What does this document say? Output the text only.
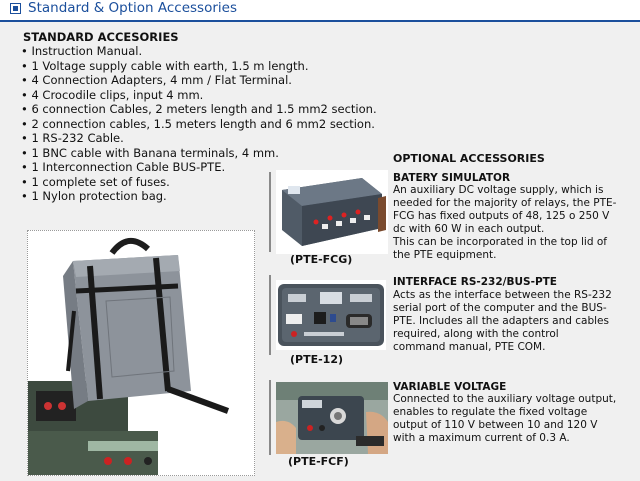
Standard & Option Accessories
STANDARD ACCESORIES
• Instruction Manual.
• 1 Voltage supply cable with earth, 1.5 m length.
• 4 Connection Adapters, 4 mm / Flat Terminal.
• 4 Crocodile clips, input 4 mm.
• 6 connection Cables, 2 meters length and 1.5 mm2 section.
• 2 connection cables, 1.5 meters length and 6 mm2 section.
• 1 RS-232 Cable.
• 1 BNC cable with Banana terminals, 4 mm.
• 1 Interconnection Cable BUS-PTE.
• 1 complete set of fuses.
• 1 Nylon protection bag.
OPTIONAL ACCESSORIES
(PTE-FCG)
BATERY SIMULATOR
An auxiliary DC voltage supply, which is
needed for the majority of relays, the PTE-
FCG has fixed outputs of 48, 125 o 250 V
dc with 60 W in each output.
This can be incorporated in the top lid of
the PTE equipment.
(PTE-12)
INTERFACE RS-232/BUS-PTE
Acts as the interface between the RS-232
serial port of the computer and the BUS-
PTE. Includes all the adapters and cables
required, along with the control
command manual, PTE COM.
(PTE-FCF)
VARIABLE VOLTAGE
Connected to the auxiliary voltage output,
enables to regulate the fixed voltage
output of 110 V between 10 and 120 V
with a maximum current of 0.3 A.
